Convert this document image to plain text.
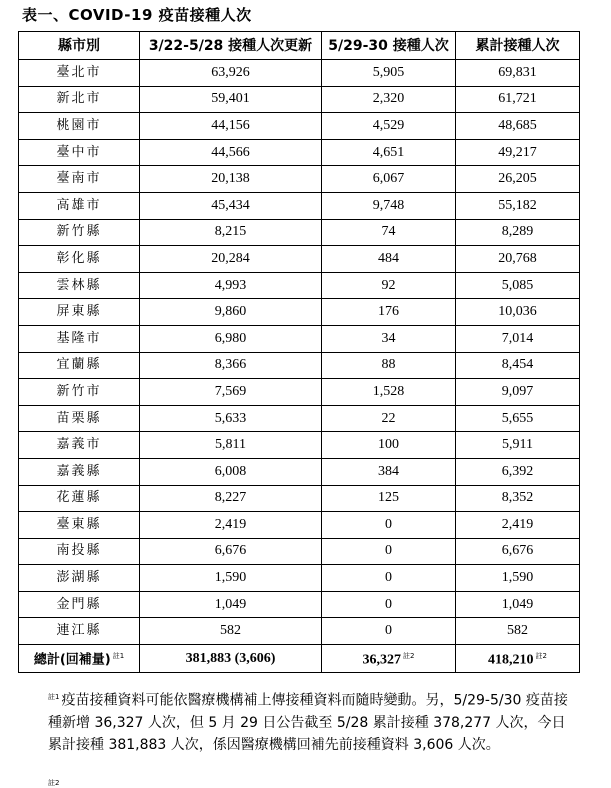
表一、COVID-19 疫苗接種人次
縣市別	3/22-5/28 接種人次更新	5/29-30 接種人次	累計接種人次
臺北市	63,926	5,905	69,831
新北市	59,401	2,320	61,721
桃園市	44,156	4,529	48,685
臺中市	44,566	4,651	49,217
臺南市	20,138	6,067	26,205
高雄市	45,434	9,748	55,182
新竹縣	8,215	74	8,289
彰化縣	20,284	484	20,768
雲林縣	4,993	92	5,085
屏東縣	9,860	176	10,036
基隆市	6,980	34	7,014
宜蘭縣	8,366	88	8,454
新竹市	7,569	1,528	9,097
苗栗縣	5,633	22	5,655
嘉義市	5,811	100	5,911
嘉義縣	6,008	384	6,392
花蓮縣	8,227	125	8,352
臺東縣	2,419	0	2,419
南投縣	6,676	0	6,676
澎湖縣	1,590	0	1,590
金門縣	1,049	0	1,049
連江縣	582	0	582
總計(回補量) $^{註1}$	381,883 (3,606)	36,327 $^{註2}$	418,210 $^{註2}$
$^{註1}$ 疫苗接種資料可能依醫療機構補上傳接種資料而隨時變動。另，5/29-5/30 疫苗接種新增 36,327 人次，但 5 月 29 日公告截至 5/28 累計接種 378,277 人次，今日累計接種 381,883 人次，係因醫療機構回補先前接種資料 3,606 人次。
註2
